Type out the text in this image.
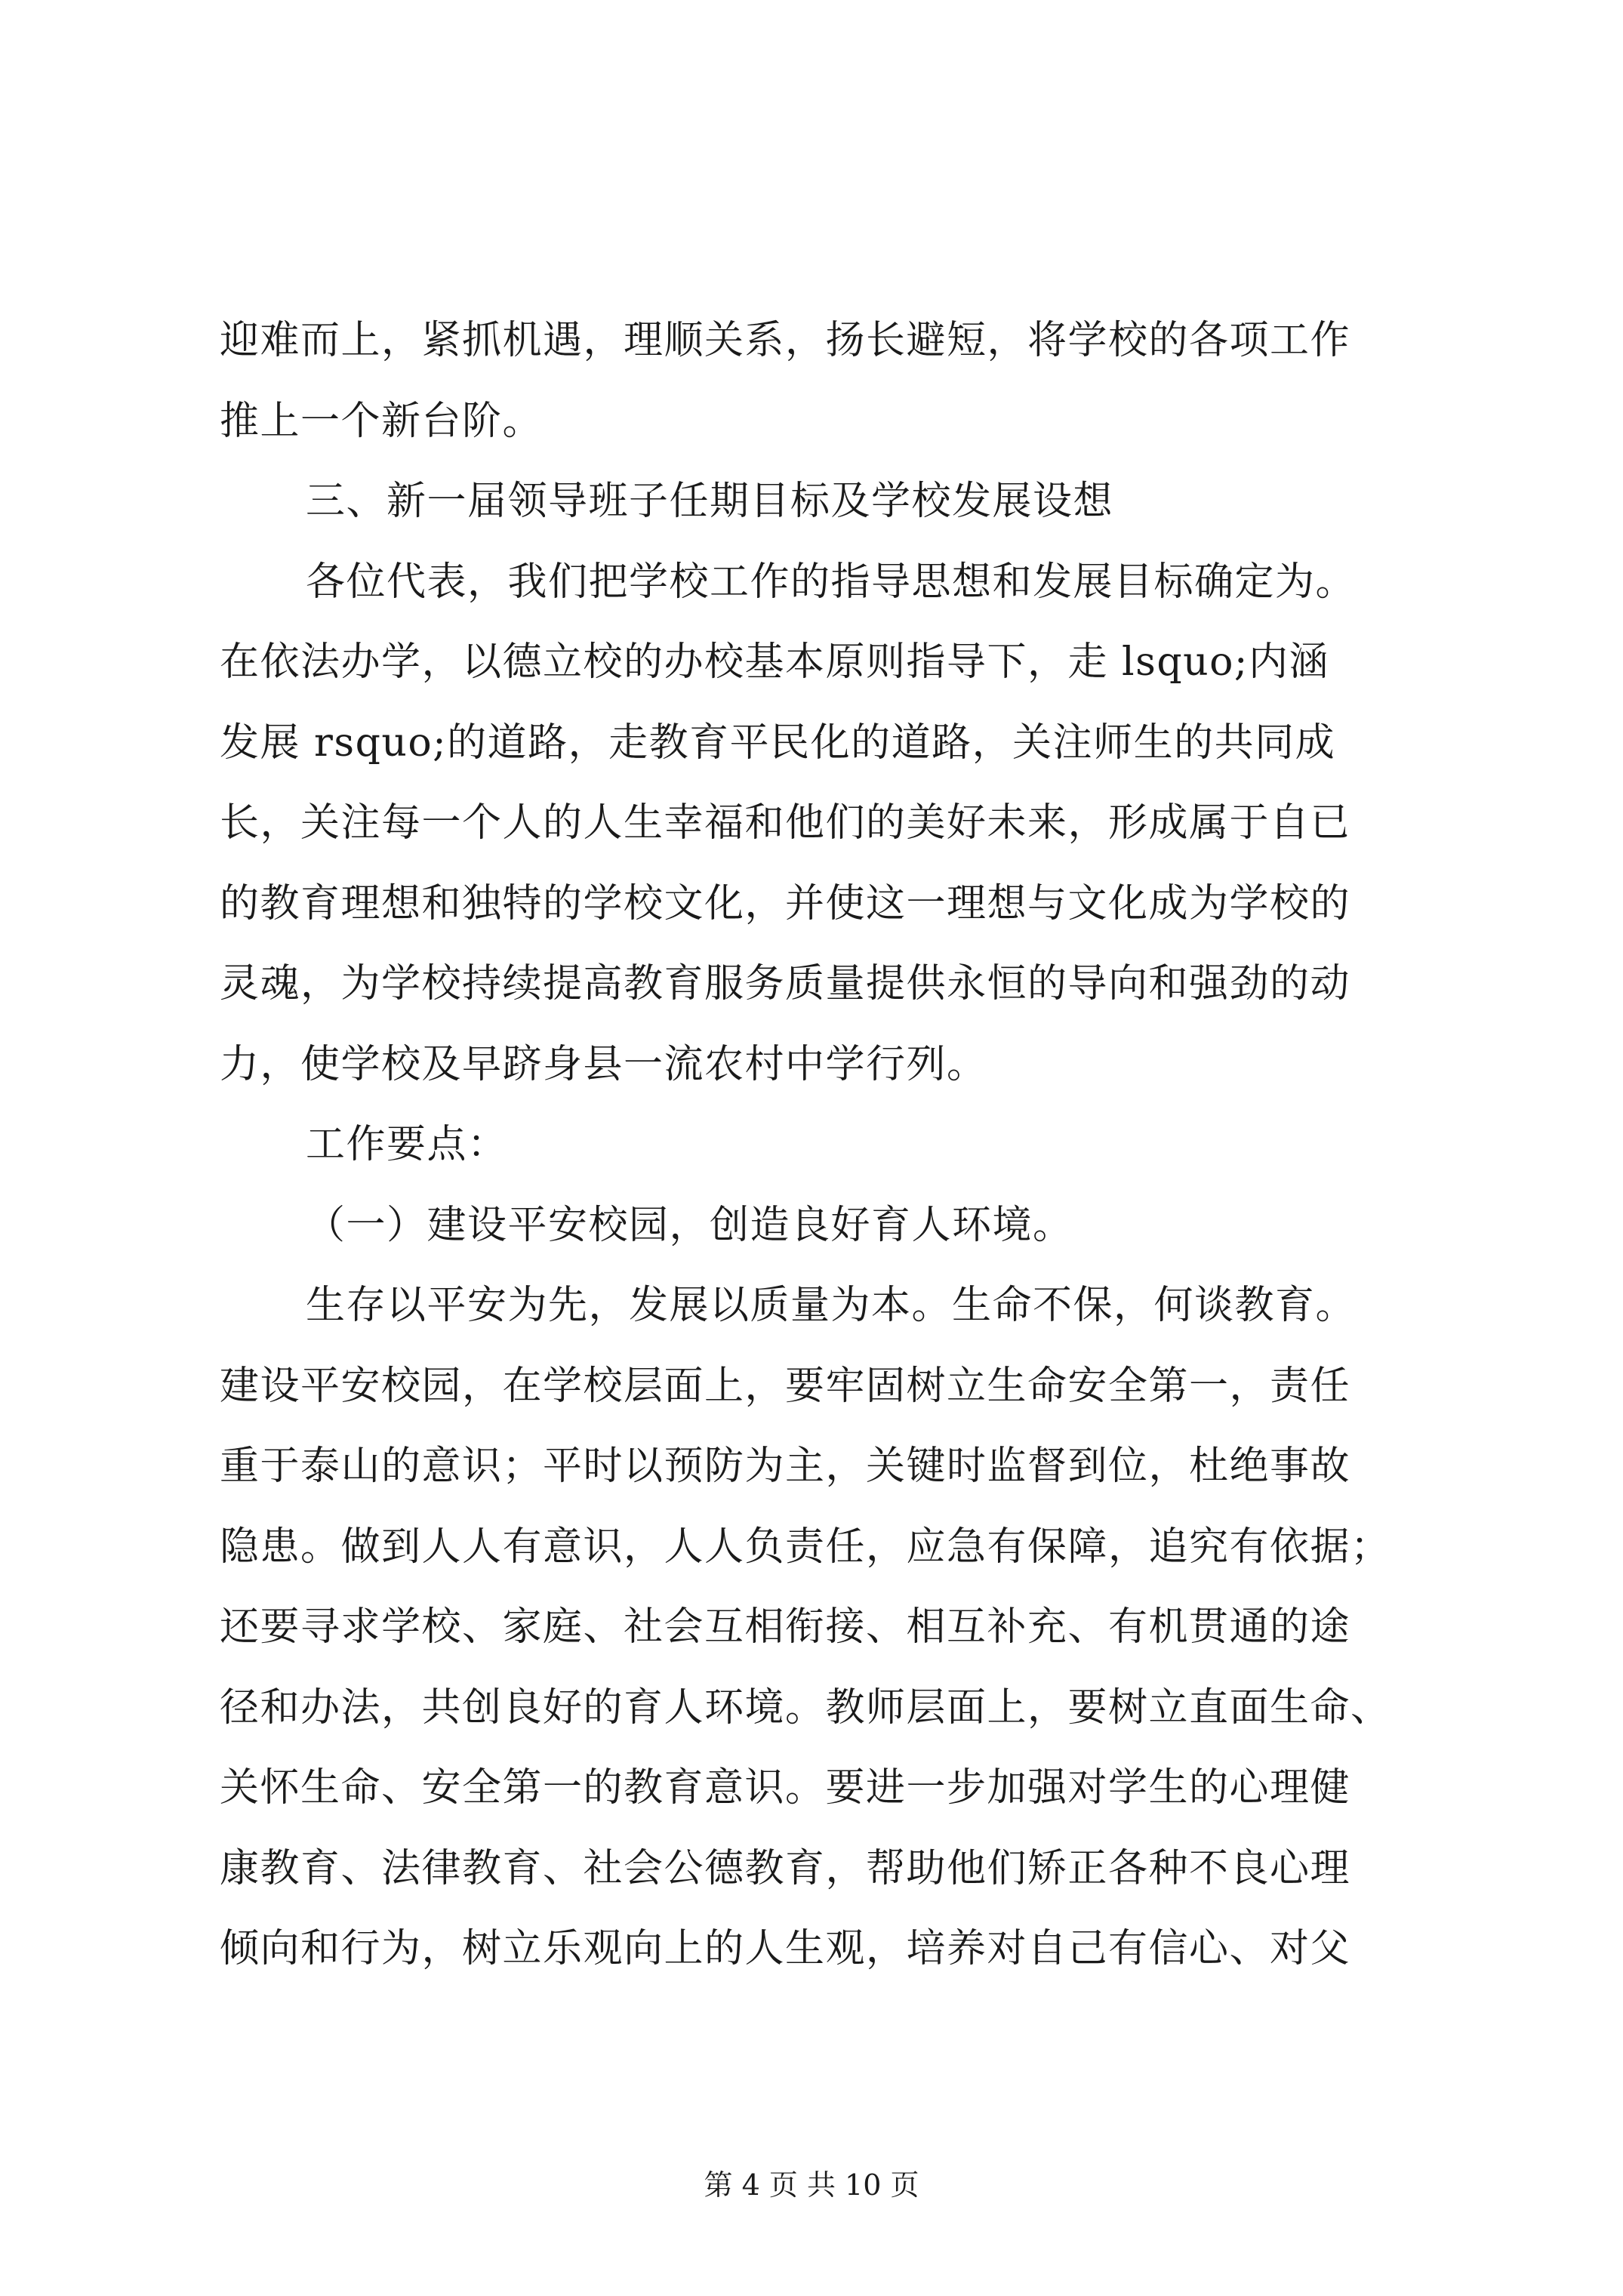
迎难而上，紧抓机遇，理顺关系，扬长避短，将学校的各项工作
推上一个新台阶。
三、新一届领导班子任期目标及学校发展设想
各位代表，我们把学校工作的指导思想和发展目标确定为。
在依法办学，以德立校的办校基本原则指导下，走 lsquo;内涵
发展 rsquo;的道路，走教育平民化的道路，关注师生的共同成
长，关注每一个人的人生幸福和他们的美好未来，形成属于自已
的教育理想和独特的学校文化，并使这一理想与文化成为学校的
灵魂，为学校持续提高教育服务质量提供永恒的导向和强劲的动
力，使学校及早跻身县一流农村中学行列。
工作要点：
（一）建设平安校园，创造良好育人环境。
生存以平安为先，发展以质量为本。生命不保，何谈教育。
建设平安校园，在学校层面上，要牢固树立生命安全第一，责任
重于泰山的意识；平时以预防为主，关键时监督到位，杜绝事故
隐患。做到人人有意识，人人负责任，应急有保障，追究有依据；
还要寻求学校、家庭、社会互相衔接、相互补充、有机贯通的途
径和办法，共创良好的育人环境。教师层面上，要树立直面生命、
关怀生命、安全第一的教育意识。要进一步加强对学生的心理健
康教育、法律教育、社会公德教育，帮助他们矫正各种不良心理
倾向和行为，树立乐观向上的人生观，培养对自己有信心、对父
第 4 页 共 10 页
